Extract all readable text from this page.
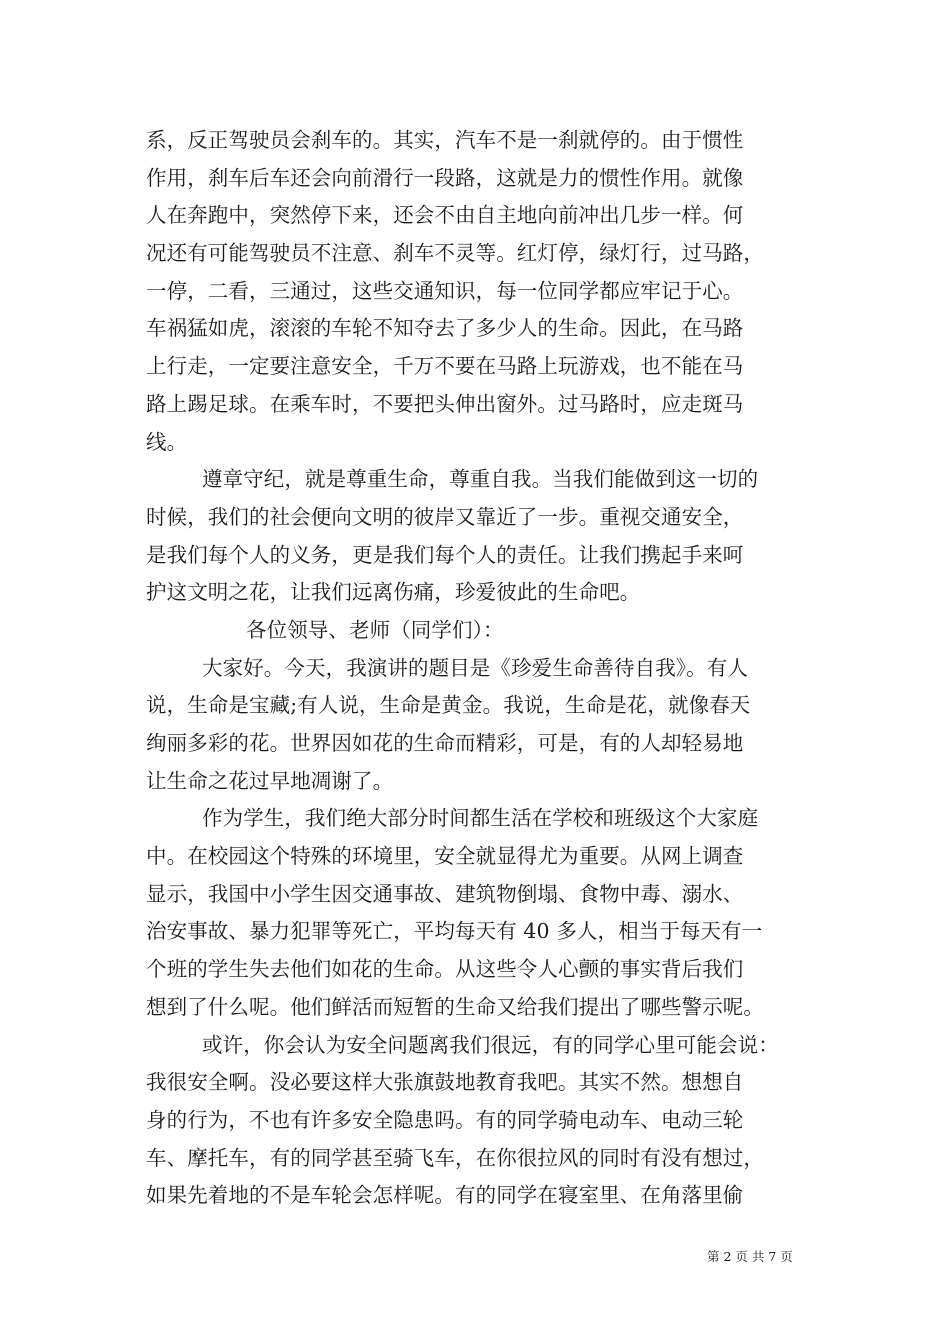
系，反正驾驶员会刹车的。其实，汽车不是一刹就停的。由于惯性
作用，刹车后车还会向前滑行一段路，这就是力的惯性作用。就像
人在奔跑中，突然停下来，还会不由自主地向前冲出几步一样。何
况还有可能驾驶员不注意、刹车不灵等。红灯停，绿灯行，过马路，
一停，二看，三通过，这些交通知识，每一位同学都应牢记于心。
车祸猛如虎，滚滚的车轮不知夺去了多少人的生命。因此，在马路
上行走，一定要注意安全，千万不要在马路上玩游戏，也不能在马
路上踢足球。在乘车时，不要把头伸出窗外。过马路时，应走斑马
线。
遵章守纪，就是尊重生命，尊重自我。当我们能做到这一切的
时候，我们的社会便向文明的彼岸又靠近了一步。重视交通安全，
是我们每个人的义务，更是我们每个人的责任。让我们携起手来呵
护这文明之花，让我们远离伤痛，珍爱彼此的生命吧。
各位领导、老师（同学们）：
大家好。今天，我演讲的题目是《珍爱生命善待自我》。有人
说，生命是宝藏;有人说，生命是黄金。我说，生命是花，就像春天
绚丽多彩的花。世界因如花的生命而精彩，可是，有的人却轻易地
让生命之花过早地凋谢了。
作为学生，我们绝大部分时间都生活在学校和班级这个大家庭
中。在校园这个特殊的环境里，安全就显得尤为重要。从网上调查
显示，我国中小学生因交通事故、建筑物倒塌、食物中毒、溺水、
治安事故、暴力犯罪等死亡，平均每天有 40 多人，相当于每天有一
个班的学生失去他们如花的生命。从这些令人心颤的事实背后我们
想到了什么呢。他们鲜活而短暂的生命又给我们提出了哪些警示呢。
或许，你会认为安全问题离我们很远，有的同学心里可能会说：
我很安全啊。没必要这样大张旗鼓地教育我吧。其实不然。想想自
身的行为，不也有许多安全隐患吗。有的同学骑电动车、电动三轮
车、摩托车，有的同学甚至骑飞车，在你很拉风的同时有没有想过，
如果先着地的不是车轮会怎样呢。有的同学在寝室里、在角落里偷
第 2 页 共 7 页
